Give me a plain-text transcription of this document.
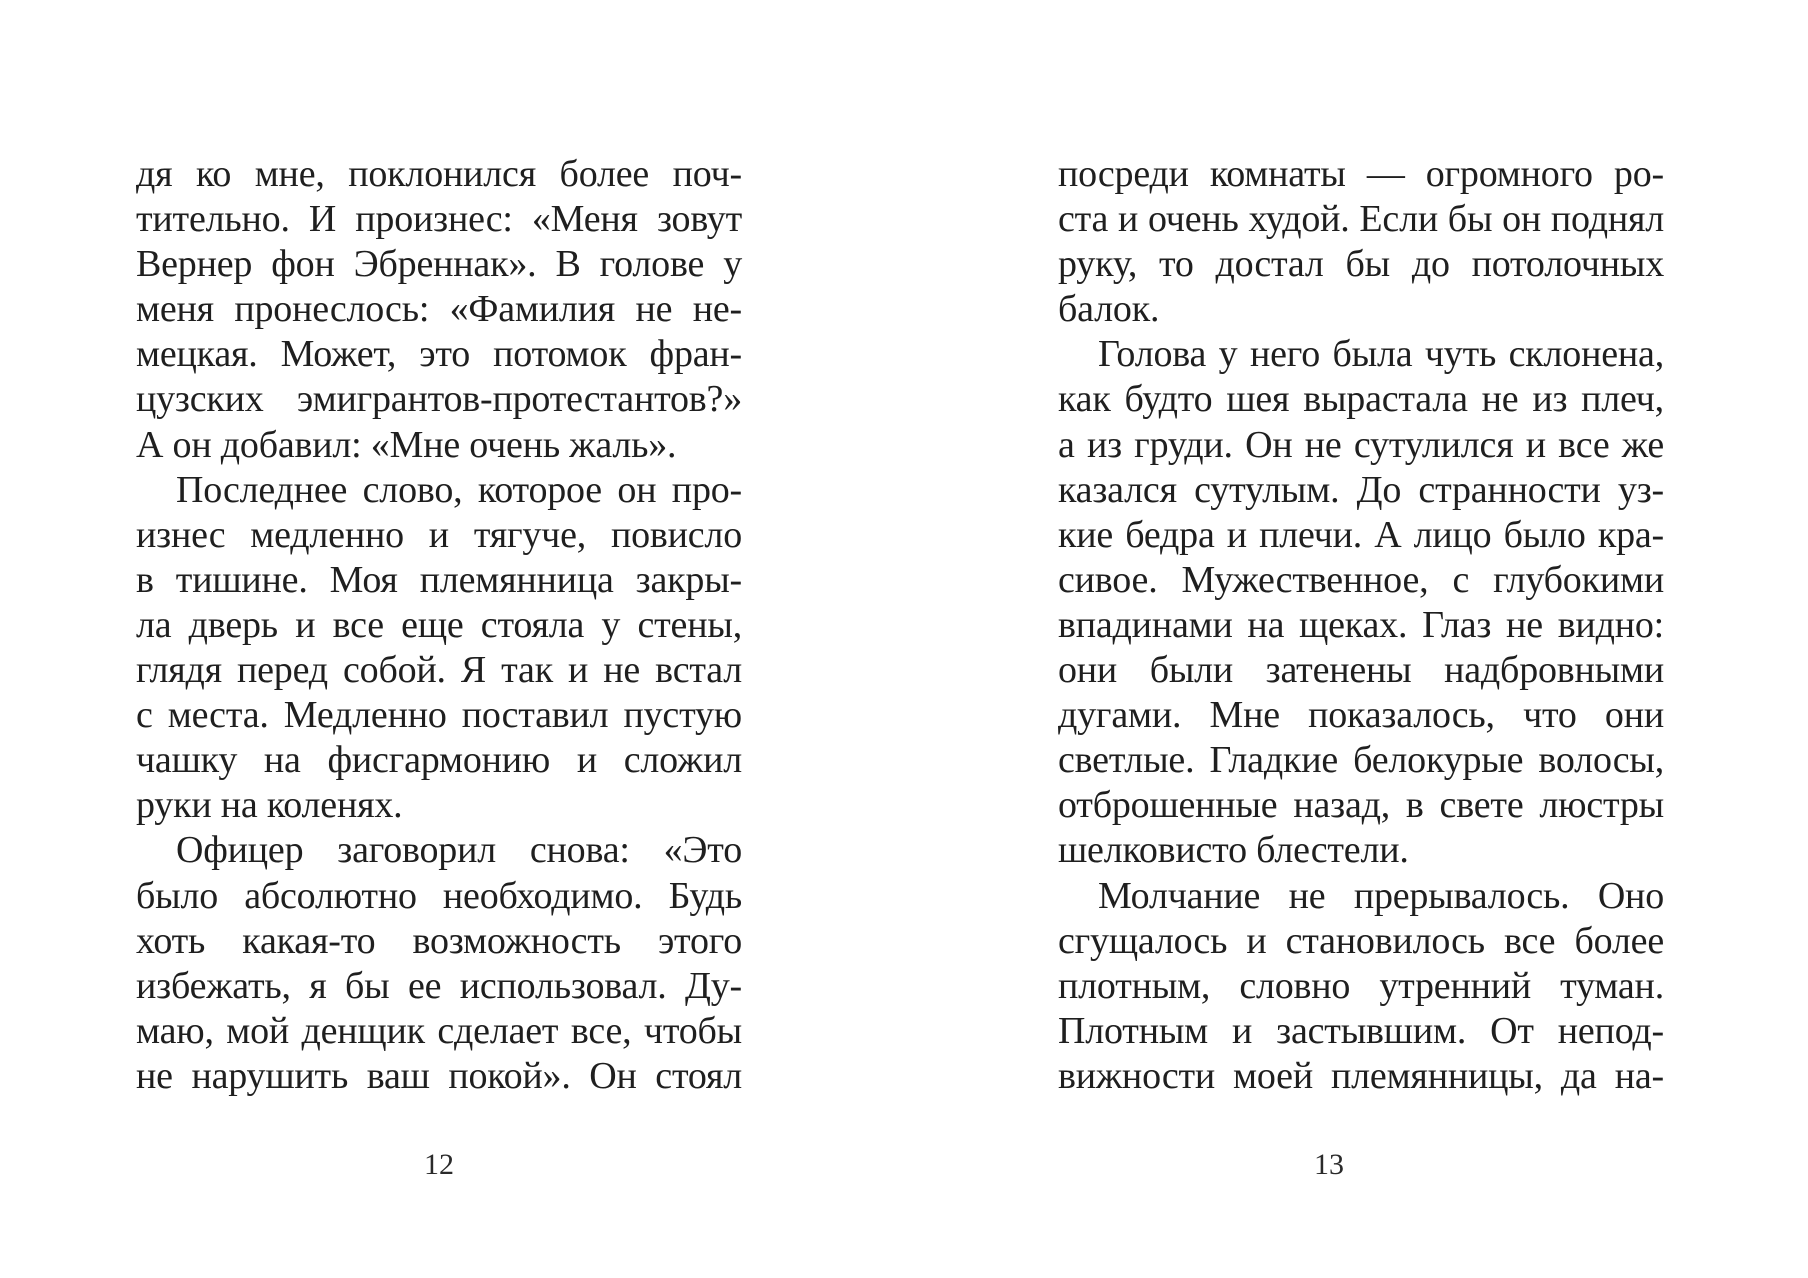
дя ко мне, поклонился более поч-
тительно. И произнес: «Меня зовут
Вернер фон Эбреннак». В голове у
меня пронеслось: «Фамилия не не-
мецкая. Может, это потомок фран-
цузских эмигрантов-протестантов?»
А он добавил: «Мне очень жаль».
Последнее слово, которое он про-
изнес медленно и тягуче, повисло
в тишине. Моя племянница закры-
ла дверь и все еще стояла у стены,
глядя перед собой. Я так и не встал
с места. Медленно поставил пустую
чашку на фисгармонию и сложил
руки на коленях.
Офицер заговорил снова: «Это
было абсолютно необходимо. Будь
хоть какая-то возможность этого
избежать, я бы ее использовал. Ду-
маю, мой денщик сделает все, чтобы
не нарушить ваш покой». Он стоял
12
посреди комнаты — огромного ро-
ста и очень худой. Если бы он поднял
руку, то достал бы до потолочных
балок.
Голова у него была чуть склонена,
как будто шея вырастала не из плеч,
а из груди. Он не сутулился и все же
казался сутулым. До странности уз-
кие бедра и плечи. А лицо было кра-
сивое. Мужественное, с глубокими
впадинами на щеках. Глаз не видно:
они были затенены надбровными
дугами. Мне показалось, что они
светлые. Гладкие белокурые волосы,
отброшенные назад, в свете люстры
шелковисто блестели.
Молчание не прерывалось. Оно
сгущалось и становилось все более
плотным, словно утренний туман.
Плотным и застывшим. От непод-
вижности моей племянницы, да на-
13
